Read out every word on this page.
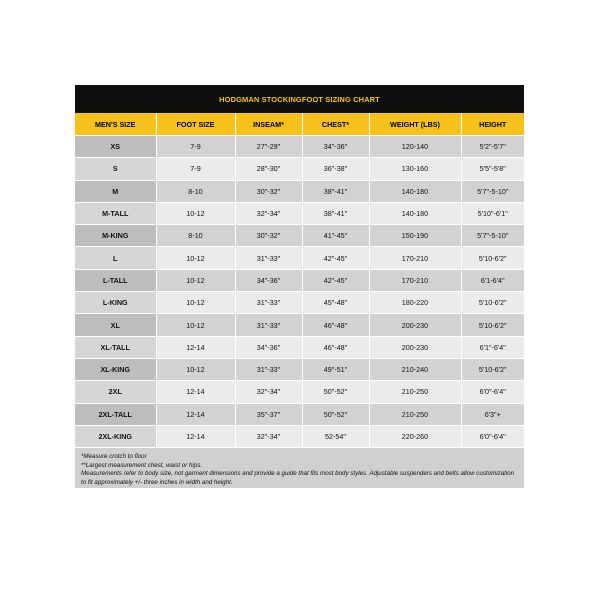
HODGMAN STOCKINGFOOT SIZING CHART
MEN'S SIZE	FOOT SIZE	INSEAM*	CHEST*	WEIGHT (LBS)	HEIGHT
XS	7-9	27"-29"	34"-36"	120-140	5'2"-5'7"
S	7-9	28"-30"	36"-38"	130-160	5'5"-5'8"
M	8-10	30"-32"	38"-41"	140-180	5'7"-5-10"
M-TALL	10-12	32"-34"	38"-41"	140-180	5'10"-6'1"
M-KING	8-10	30"-32"	41"-45"	150-190	5'7"-5-10"
L	10-12	31"-33"	42"-45"	170-210	5'10-6'2"
L-TALL	10-12	34"-36"	42"-45"	170-210	6'1-6'4"
L-KING	10-12	31"-33"	45"-48"	180-220	5'10-6'2"
XL	10-12	31"-33"	46"-48"	200-230	5'10-6'2"
XL-TALL	12-14	34"-36"	46"-48"	200-230	6'1"-6'4"
XL-KING	10-12	31"-33"	49"-51"	210-240	5'10-6'2"
2XL	12-14	32"-34"	50"-52"	210-250	6'0"-6'4"
2XL-TALL	12-14	35"-37"	50"-52"	210-250	6'3"+
2XL-KING	12-14	32"-34"	52-54"	220-260	6'0"-6'4"
*Measure crotch to floor
**Largest measurement chest, waist or hips.
Measurements refer to body size, not garment dimensions and provide a guide that fits most body styles. Adjustable suspenders and belts allow customization to fit approximately +/- three inches in width and height.
